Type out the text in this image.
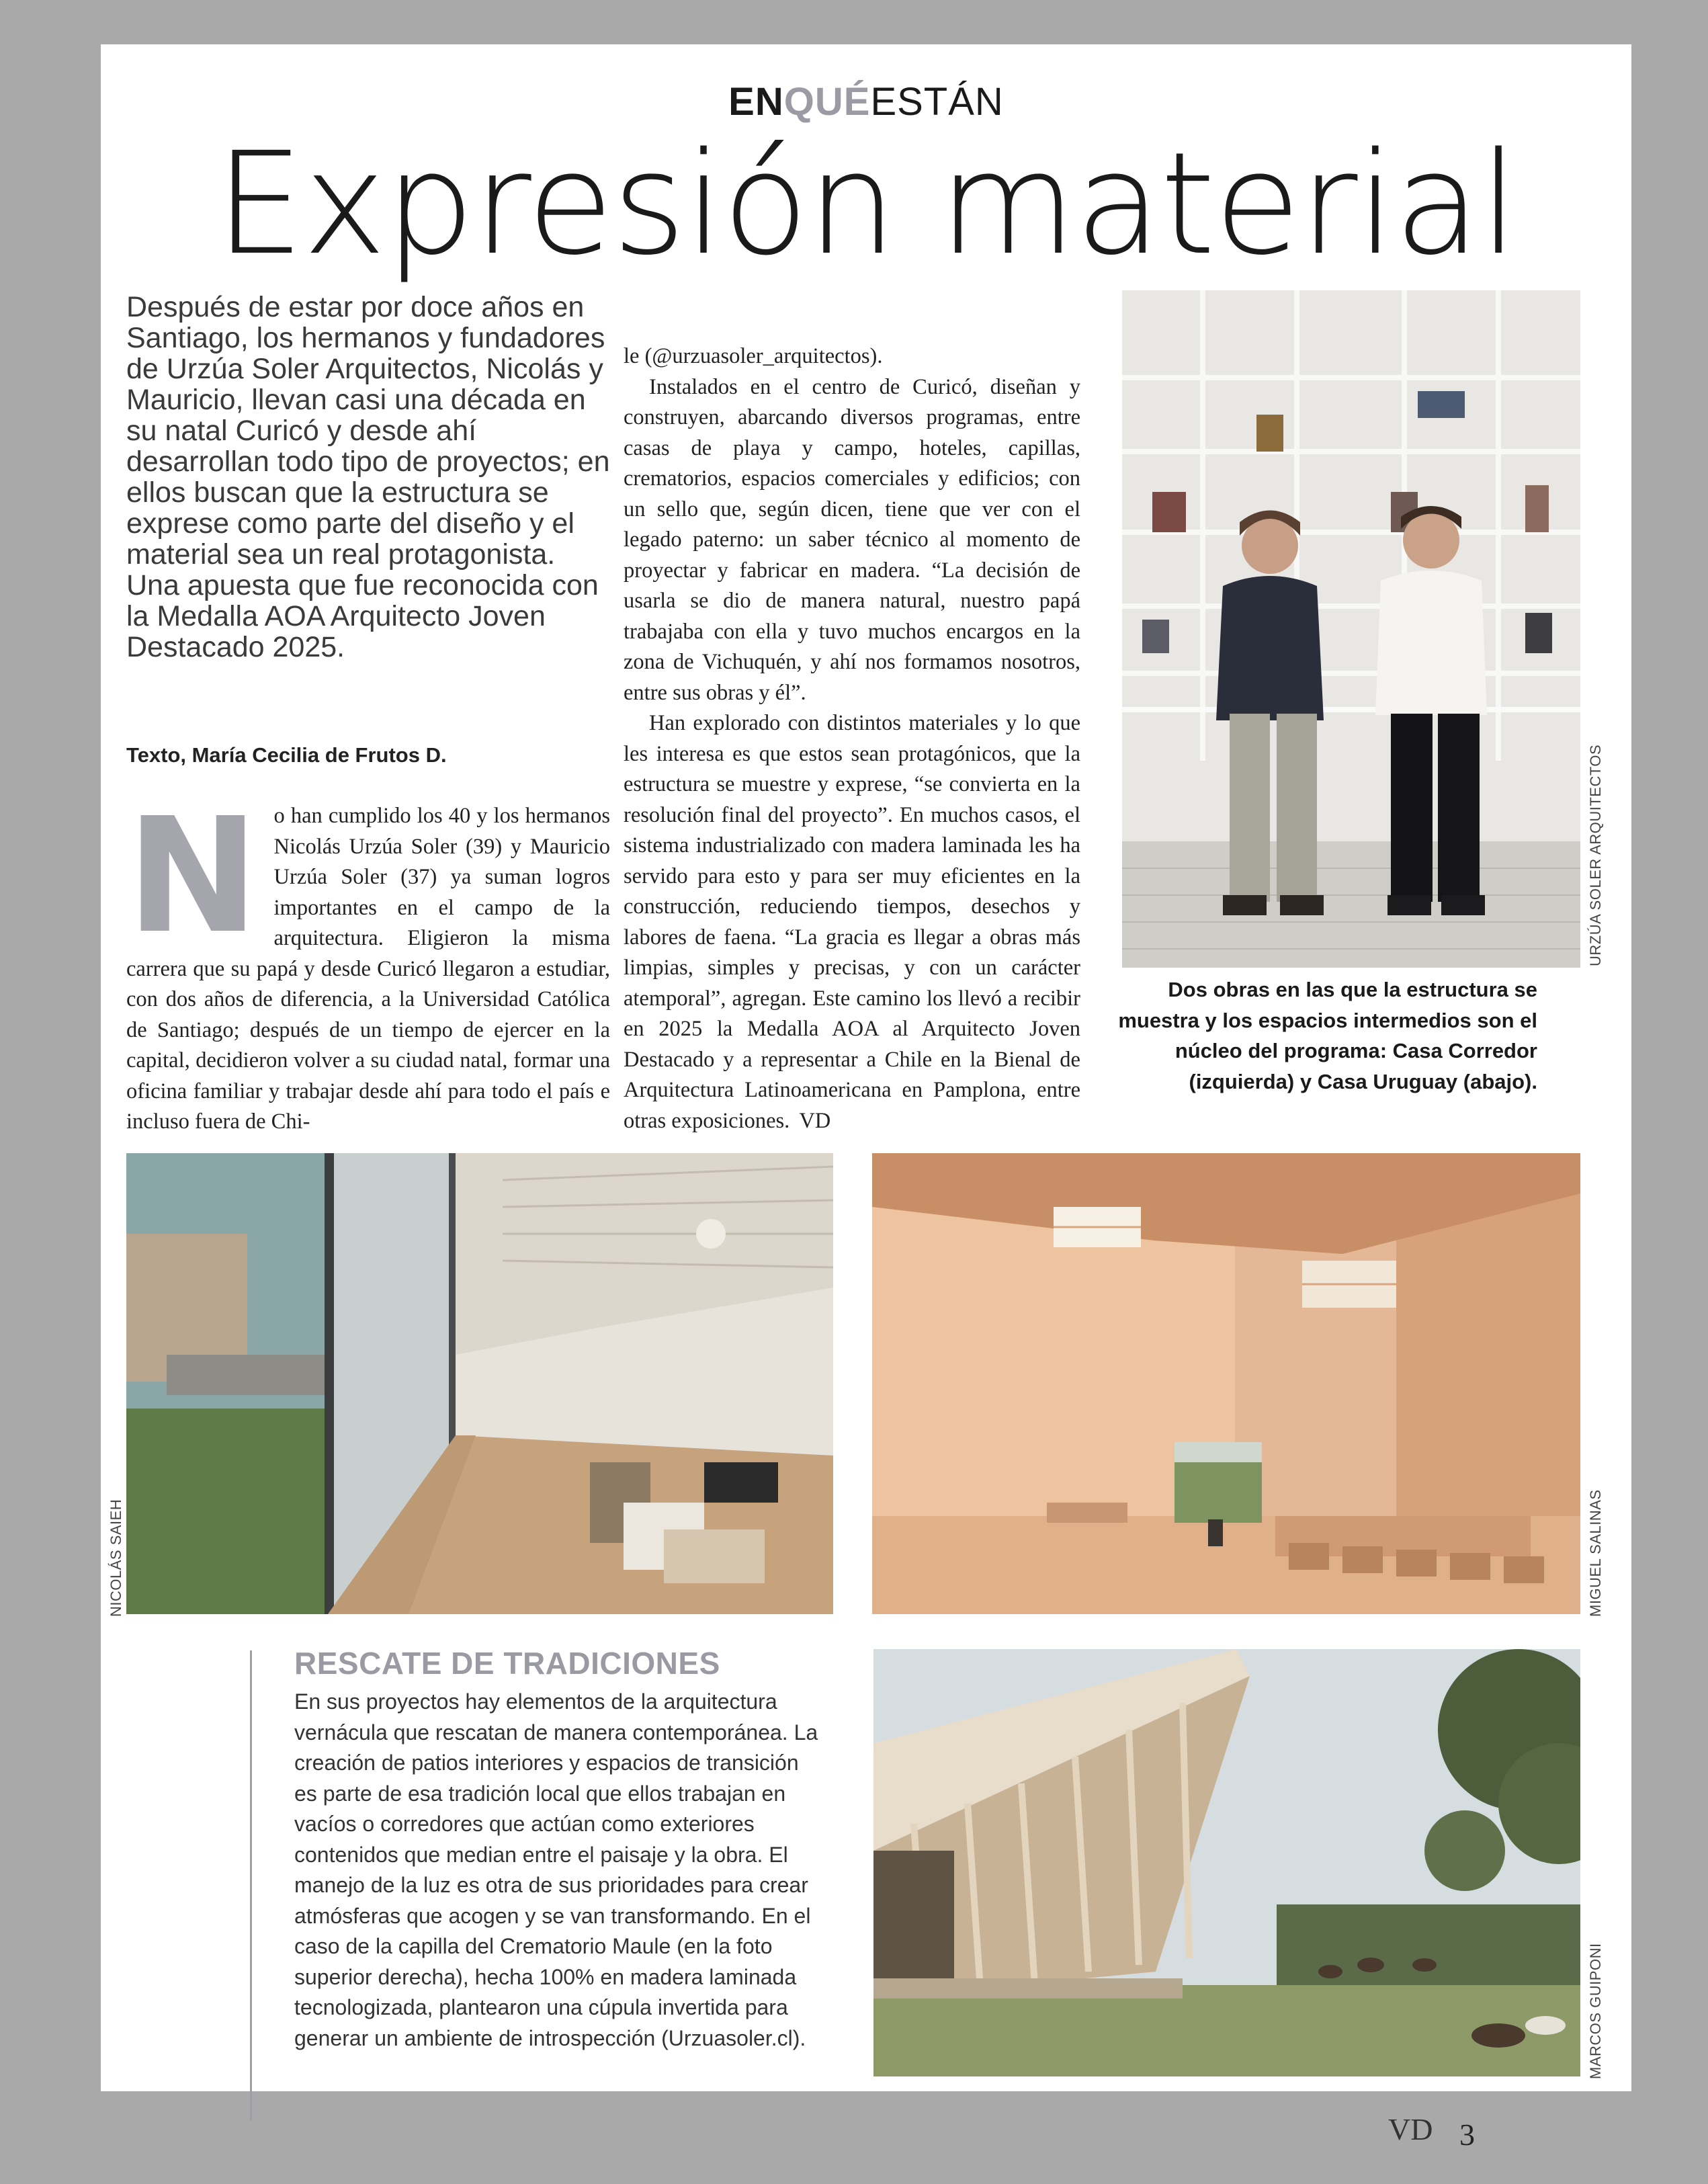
ENQUÉESTÁN
Expresión material
Después de estar por doce años en Santiago, los hermanos y fundadores de Urzúa Soler Arquitectos, Nicolás y Mauricio, llevan casi una década en su natal Curicó y desde ahí desarrollan todo tipo de proyectos; en ellos buscan que la estructura se exprese como parte del diseño y el material sea un real protagonista. Una apuesta que fue reconocida con la Medalla AOA Arquitecto Joven Destacado 2025.
Texto, María Cecilia de Frutos D.
N o han cumplido los 40 y los hermanos Nicolás Urzúa Soler (39) y Mauricio Urzúa Soler (37) ya suman logros importantes en el campo de la arquitectura. Eligieron la misma carrera que su papá y desde Curicó llegaron a estudiar, con dos años de diferencia, a la Universidad Católica de Santiago; después de un tiempo de ejercer en la capital, decidieron volver a su ciudad natal, formar una oficina familiar y trabajar desde ahí para todo el país e incluso fuera de Chi-

le (@urzuasoler_arquitectos).

Instalados en el centro de Curicó, diseñan y construyen, abarcando diversos programas, entre casas de playa y campo, hoteles, capillas, crematorios, espacios comerciales y edificios; con un sello que, según dicen, tiene que ver con el legado paterno: un saber técnico al momento de proyectar y fabricar en madera. “La decisión de usarla se dio de manera natural, nuestro papá trabajaba con ella y tuvo muchos encargos en la zona de Vichuquén, y ahí nos formamos nosotros, entre sus obras y él”.

Han explorado con distintos materiales y lo que les interesa es que estos sean protagónicos, que la estructura se muestre y exprese, “se convierta en la resolución final del proyecto”. En muchos casos, el sistema industrializado con madera laminada les ha servido para esto y para ser muy eficientes en la construcción, reduciendo tiempos, desechos y labores de faena. “La gracia es llegar a obras más limpias, simples y precisas, y con un carácter atemporal”, agregan. Este camino los llevó a recibir en 2025 la Medalla AOA al Arquitecto Joven Destacado y a representar a Chile en la Bienal de Arquitectura Latinoamericana en Pamplona, entre otras exposiciones. VD

URZÚA SOLER ARQUITECTOS
Dos obras en las que la estructura se muestra y los espacios intermedios son el núcleo del programa: Casa Corredor (izquierda) y Casa Uruguay (abajo).
NICOLÁS SAIEH	MIGUEL SALINAS
RESCATE DE TRADICIONES
En sus proyectos hay elementos de la arquitectura vernácula que rescatan de manera contemporánea. La creación de patios interiores y espacios de transición es parte de esa tradición local que ellos trabajan en vacíos o corredores que actúan como exteriores contenidos que median entre el paisaje y la obra. El manejo de la luz es otra de sus prioridades para crear atmósferas que acogen y se van transformando. En el caso de la capilla del Crematorio Maule (en la foto superior derecha), hecha 100% en madera laminada tecnologizada, plantearon una cúpula invertida para generar un ambiente de introspección (Urzuasoler.cl).	MARCOS GUIPONI
VD 3
